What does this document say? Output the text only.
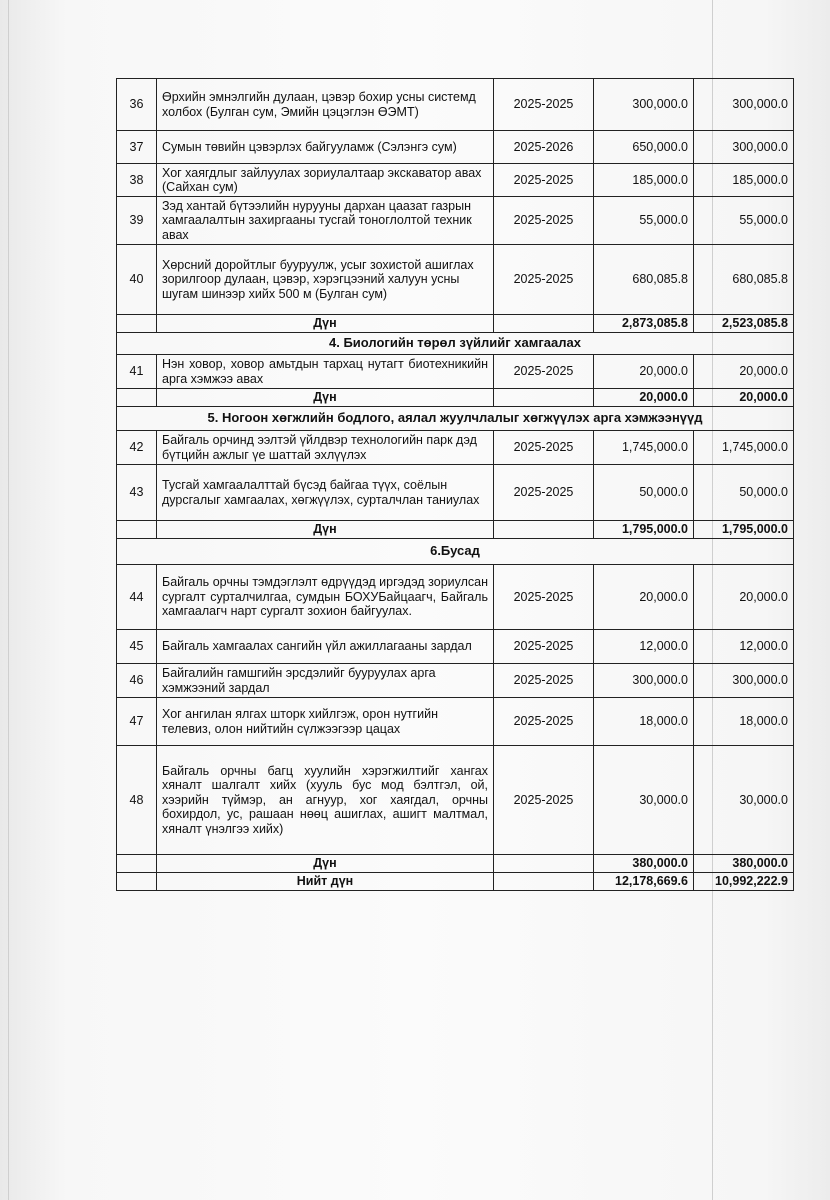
36	Өрхийн эмнэлгийн дулаан, цэвэр бохир усны системд холбох (Булган сум, Эмийн цэцэглэн ӨЭМТ)	2025-2025	300,000.0	300,000.0
37	Сумын төвийн цэвэрлэх байгууламж (Сэлэнгэ сум)	2025-2026	650,000.0	300,000.0
38	Хог хаягдлыг зайлуулах зориулалтаар экскаватор авах (Сайхан сум)	2025-2025	185,000.0	185,000.0
39	Зэд хантай бүтээлийн нурууны дархан цаазат газрын хамгаалалтын захиргааны тусгай тоноглолтой техник авах	2025-2025	55,000.0	55,000.0
40	Хөрсний доройтлыг бууруулж, усыг зохистой ашиглах зорилгоор дулаан, цэвэр, хэрэгцээний халуун усны шугам шинээр хийх 500 м (Булган сум)	2025-2025	680,085.8	680,085.8
	Дүн		2,873,085.8	2,523,085.8
4. Биологийн төрөл зүйлийг хамгаалах				
41	Нэн ховор, ховор амьтдын тархац нутагт биотехникийн арга хэмжээ авах	2025-2025	20,000.0	20,000.0
	Дүн		20,000.0	20,000.0
5. Ногоон хөгжлийн бодлого, аялал жуулчлалыг хөгжүүлэх арга хэмжээнүүд				
42	Байгаль орчинд ээлтэй үйлдвэр технологийн парк дэд бүтцийн ажлыг үе шаттай эхлүүлэх	2025-2025	1,745,000.0	1,745,000.0
43	Тусгай хамгаалалттай бүсэд байгаа түүх, соёлын дурсгалыг хамгаалах, хөгжүүлэх, сурталчлан таниулах	2025-2025	50,000.0	50,000.0
	Дүн		1,795,000.0	1,795,000.0
6.Бусад				
44	Байгаль орчны тэмдэглэлт өдрүүдэд иргэдэд зориулсан сургалт сурталчилгаа, сумдын БОХУБайцаагч, Байгаль хамгаалагч нарт сургалт зохион байгуулах.	2025-2025	20,000.0	20,000.0
45	Байгаль хамгаалах сангийн үйл ажиллагааны зардал	2025-2025	12,000.0	12,000.0
46	Байгалийн гамшгийн эрсдэлийг бууруулах арга хэмжээний зардал	2025-2025	300,000.0	300,000.0
47	Хог ангилан ялгах шторк хийлгэж, орон нутгийн телевиз, олон нийтийн сүлжээгээр цацах	2025-2025	18,000.0	18,000.0
48	Байгаль орчны багц хуулийн хэрэгжилтийг хангах хяналт шалгалт хийх (хууль бус мод бэлтгэл, ой, хээрийн түймэр, ан агнуур, хог хаягдал, орчны бохирдол, ус, рашаан нөөц ашиглах, ашигт малтмал, хяналт үнэлгээ хийх)	2025-2025	30,000.0	30,000.0
	Дүн		380,000.0	380,000.0
	Нийт дүн		12,178,669.6	10,992,222.9
